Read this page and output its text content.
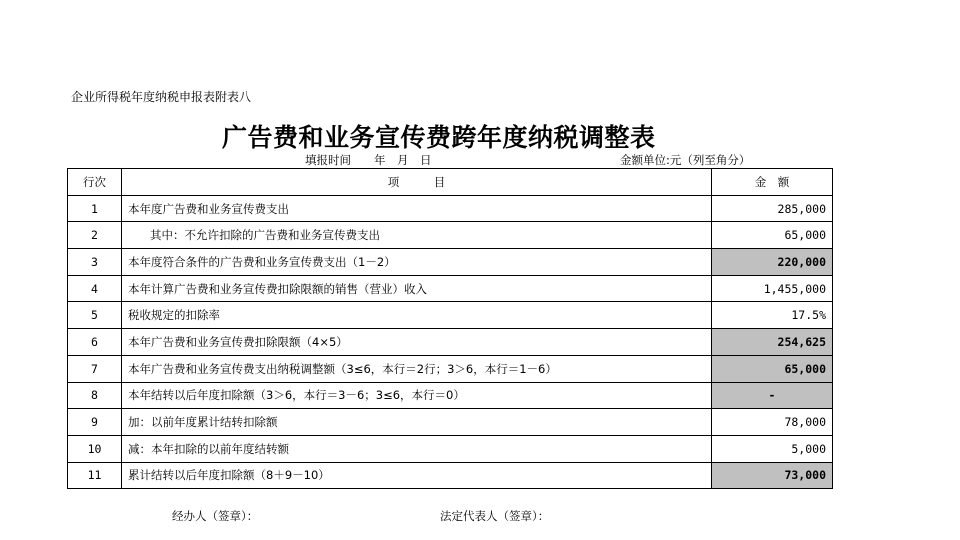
企业所得税年度纳税申报表附表八
广告费和业务宣传费跨年度纳税调整表
填报时间　　年　月　日	金额单位:元（列至角分）
行次	项　　　目	金　额
1	本年度广告费和业务宣传费支出	285,000
2	其中：不允许扣除的广告费和业务宣传费支出	65,000
3	本年度符合条件的广告费和业务宣传费支出（1－2）	220,000
4	本年计算广告费和业务宣传费扣除限额的销售（营业）收入	1,455,000
5	税收规定的扣除率	17.5%
6	本年广告费和业务宣传费扣除限额（4×5）	254,625
7	本年广告费和业务宣传费支出纳税调整额（3≤6，本行＝2行；3＞6，本行＝1－6）	65,000
8	本年结转以后年度扣除额（3＞6，本行＝3－6；3≤6，本行＝0）	-
9	加：以前年度累计结转扣除额	78,000
10	减：本年扣除的以前年度结转额	5,000
11	累计结转以后年度扣除额（8＋9－10）	73,000
经办人（签章）：	法定代表人（签章）：
